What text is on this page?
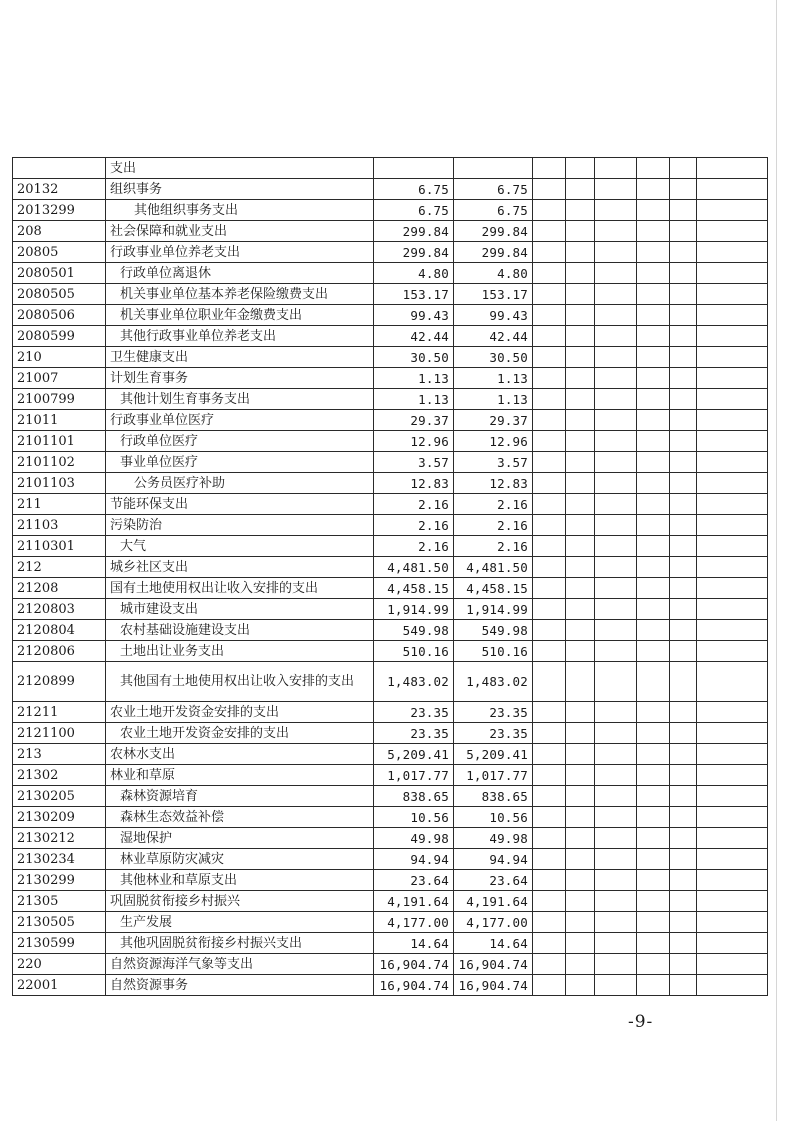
	支出								
20132	组织事务	6.75	6.75						
2013299	其他组织事务支出	6.75	6.75						
208	社会保障和就业支出	299.84	299.84						
20805	行政事业单位养老支出	299.84	299.84						
2080501	行政单位离退休	4.80	4.80						
2080505	机关事业单位基本养老保险缴费支出	153.17	153.17						
2080506	机关事业单位职业年金缴费支出	99.43	99.43						
2080599	其他行政事业单位养老支出	42.44	42.44						
210	卫生健康支出	30.50	30.50						
21007	计划生育事务	1.13	1.13						
2100799	其他计划生育事务支出	1.13	1.13						
21011	行政事业单位医疗	29.37	29.37						
2101101	行政单位医疗	12.96	12.96						
2101102	事业单位医疗	3.57	3.57						
2101103	公务员医疗补助	12.83	12.83						
211	节能环保支出	2.16	2.16						
21103	污染防治	2.16	2.16						
2110301	大气	2.16	2.16						
212	城乡社区支出	4,481.50	4,481.50						
21208	国有土地使用权出让收入安排的支出	4,458.15	4,458.15						
2120803	城市建设支出	1,914.99	1,914.99						
2120804	农村基础设施建设支出	549.98	549.98						
2120806	土地出让业务支出	510.16	510.16						
2120899	其他国有土地使用权出让收入安排的支出	1,483.02	1,483.02						
21211	农业土地开发资金安排的支出	23.35	23.35						
2121100	农业土地开发资金安排的支出	23.35	23.35						
213	农林水支出	5,209.41	5,209.41						
21302	林业和草原	1,017.77	1,017.77						
2130205	森林资源培育	838.65	838.65						
2130209	森林生态效益补偿	10.56	10.56						
2130212	湿地保护	49.98	49.98						
2130234	林业草原防灾减灾	94.94	94.94						
2130299	其他林业和草原支出	23.64	23.64						
21305	巩固脱贫衔接乡村振兴	4,191.64	4,191.64						
2130505	生产发展	4,177.00	4,177.00						
2130599	其他巩固脱贫衔接乡村振兴支出	14.64	14.64						
220	自然资源海洋气象等支出	16,904.74	16,904.74						
22001	自然资源事务	16,904.74	16,904.74						
-9-
